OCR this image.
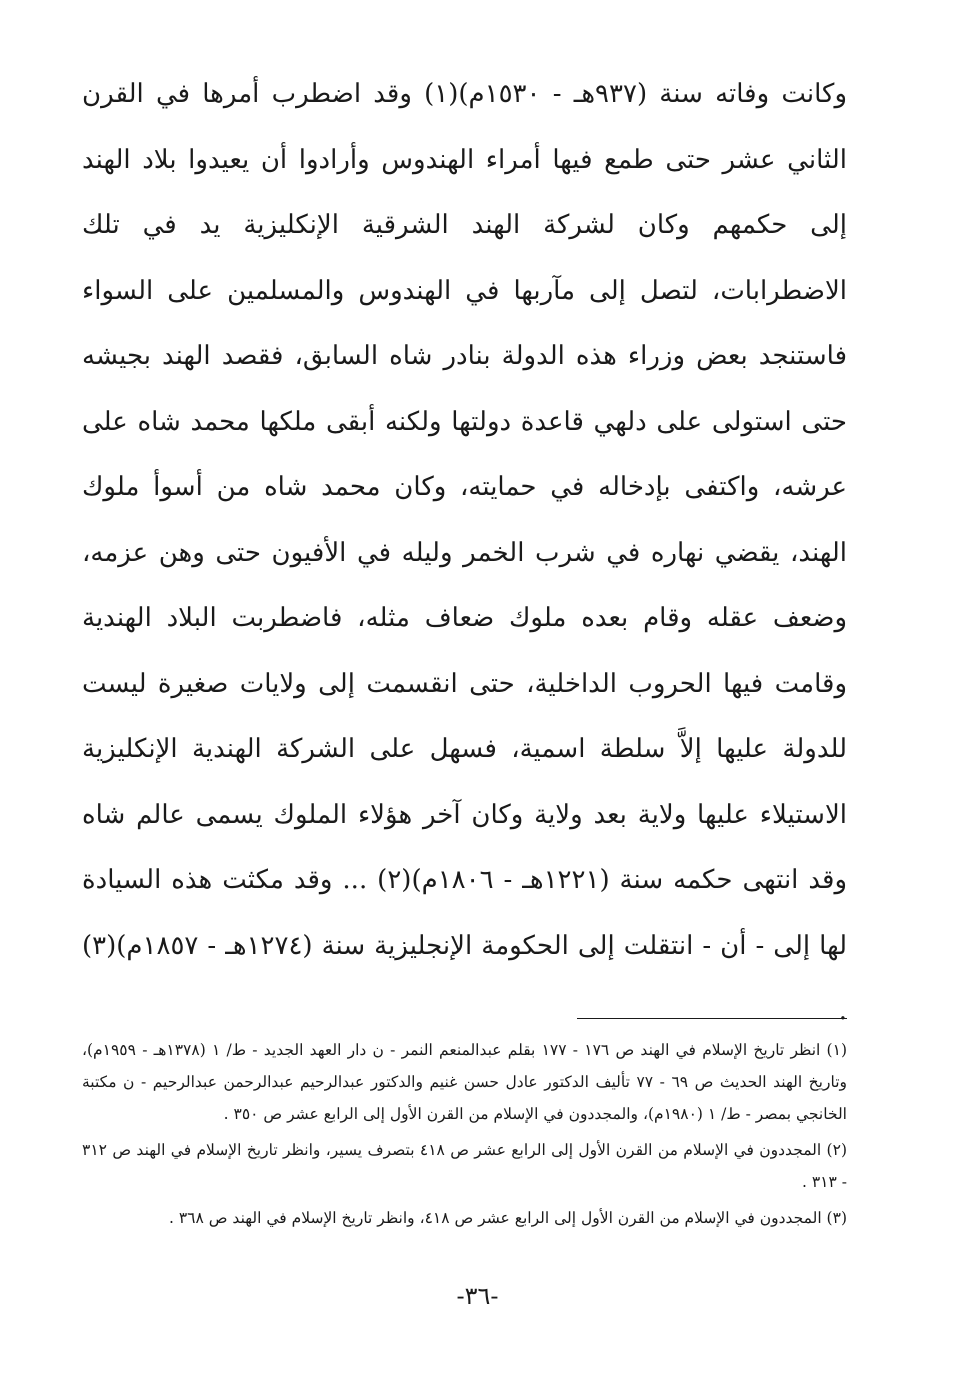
وكانت وفاته سنة (٩٣٧هـ - ١٥٣٠م)(١) وقد اضطرب أمرها في القرن الثاني عشر حتى طمع فيها أمراء الهندوس وأرادوا أن يعيدوا بلاد الهند إلى حكمهم وكان لشركة الهند الشرقية الإنكليزية يد في تلك الاضطرابات، لتصل إلى مآربها في الهندوس والمسلمين على السواء فاستنجد بعض وزراء هذه الدولة بنادر شاه السابق، فقصد الهند بجيشه حتى استولى على دلهي قاعدة دولتها ولكنه أبقى ملكها محمد شاه على عرشه، واكتفى بإدخاله في حمايته، وكان محمد شاه من أسوأ ملوك الهند، يقضي نهاره في شرب الخمر وليله في الأفيون حتى وهن عزمه، وضعف عقله وقام بعده ملوك ضعاف مثله، فاضطربت البلاد الهندية وقامت فيها الحروب الداخلية، حتى انقسمت إلى ولايات صغيرة ليست للدولة عليها إلاَّ سلطة اسمية، فسهل على الشركة الهندية الإنكليزية الاستيلاء عليها ولاية بعد ولاية وكان آخر هؤلاء الملوك يسمى عالم شاه وقد انتهى حكمه سنة (١٢٢١هـ - ١٨٠٦م)(٢) ... وقد مكثت هذه السيادة لها إلى - أن - انتقلت إلى الحكومة الإنجليزية سنة (١٢٧٤هـ - ١٨٥٧م)(٣) .

(١) انظر تاريخ الإسلام في الهند ص ١٧٦ - ١٧٧ بقلم عبدالمنعم النمر - ن دار العهد الجديد - ط/ ١ (١٣٧٨هـ - ١٩٥٩م)، وتاريخ الهند الحديث ص ٦٩ - ٧٧ تأليف الدكتور عادل حسن غنيم والدكتور عبدالرحيم عبدالرحمن عبدالرحيم - ن مكتبة الخانجي بمصر - ط/ ١ (١٩٨٠م)، والمجددون في الإسلام من القرن الأول إلى الرابع عشر ص ٣٥٠ .

(٢) المجددون في الإسلام من القرن الأول إلى الرابع عشر ص ٤١٨ بتصرف يسير، وانظر تاريخ الإسلام في الهند ص ٣١٢ - ٣١٣ .

(٣) المجددون في الإسلام من القرن الأول إلى الرابع عشر ص ٤١٨، وانظر تاريخ الإسلام في الهند ص ٣٦٨ .

-٣٦-
